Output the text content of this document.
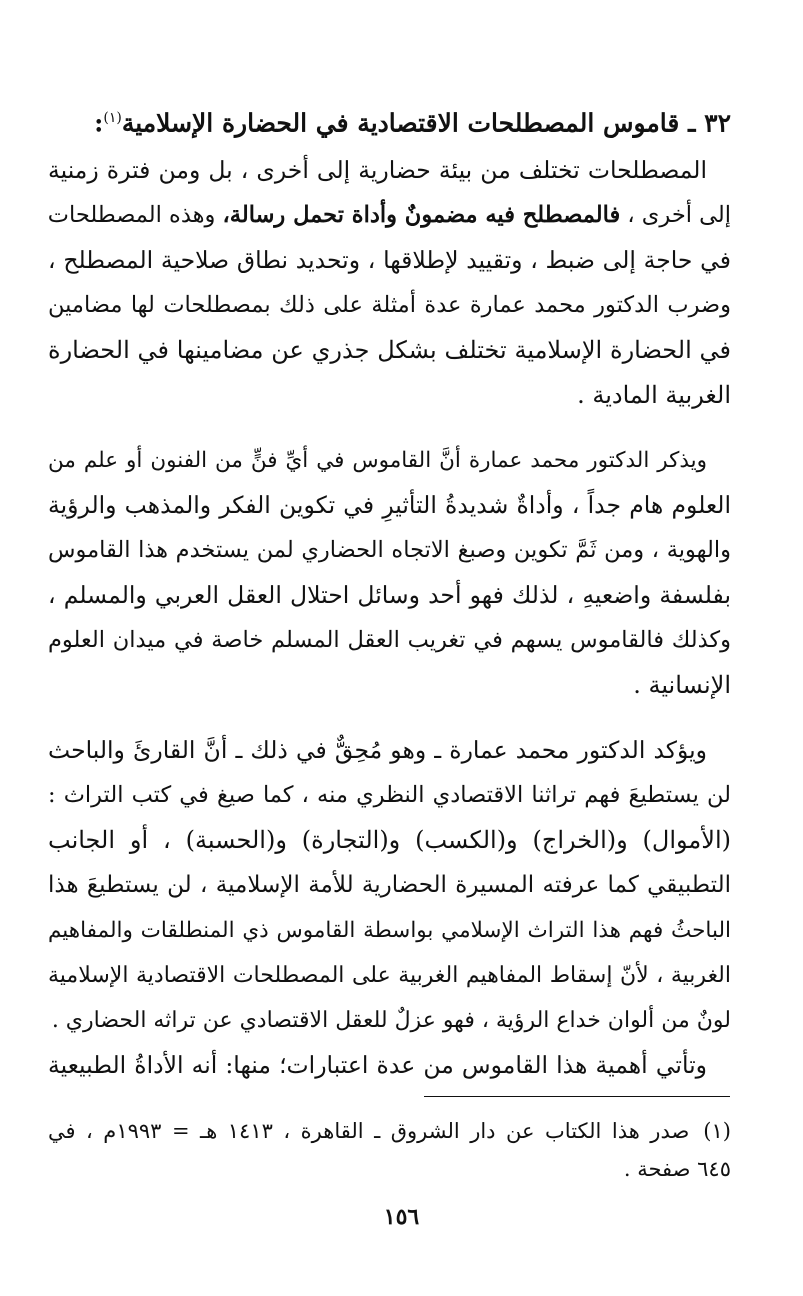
٣٢ ـ قاموس المصطلحات الاقتصادية في الحضارة الإسلامية$^{(١)}$:
المصطلحات تختلف من بيئة حضارية إلى أخرى ، بل ومن فترة زمنية
إلى أخرى ، فالمصطلح فيه مضمونٌ وأداة تحمل رسالة، وهذه المصطلحات
في حاجة إلى ضبط ، وتقييد لإطلاقها ، وتحديد نطاق صلاحية المصطلح ،
وضرب الدكتور محمد عمارة عدة أمثلة على ذلك بمصطلحات لها مضامين
في الحضارة الإسلامية تختلف بشكل جذري عن مضامينها في الحضارة
الغربية المادية .
ويذكر الدكتور محمد عمارة أنَّ القاموس في أيِّ فنٍّ من الفنون أو علم من
العلوم هام جداً ، وأداةٌ شديدةُ التأثيرِ في تكوين الفكر والمذهب والرؤية
والهوية ، ومن ثَمَّ تكوين وصبغ الاتجاه الحضاري لمن يستخدم هذا القاموس
بفلسفة واضعيهِ ، لذلك فهو أحد وسائل احتلال العقل العربي والمسلم ،
وكذلك فالقاموس يسهم في تغريب العقل المسلم خاصة في ميدان العلوم
الإنسانية .
ويؤكد الدكتور محمد عمارة ـ وهو مُحِقٌّ في ذلك ـ أنَّ القارئَ والباحث
لن يستطيعَ فهم تراثنا الاقتصادي النظري منه ، كما صيغ في كتب التراث :
(الأموال) و(الخراج) و(الكسب) و(التجارة) و(الحسبة) ، أو الجانب
التطبيقي كما عرفته المسيرة الحضارية للأمة الإسلامية ، لن يستطيعَ هذا
الباحثُ فهم هذا التراث الإسلامي بواسطة القاموس ذي المنطلقات والمفاهيم
الغربية ، لأنّ إسقاط المفاهيم الغربية على المصطلحات الاقتصادية الإسلامية
لونٌ من ألوان خداع الرؤية ، فهو عزلٌ للعقل الاقتصادي عن تراثه الحضاري .
وتأتي أهمية هذا القاموس من عدة اعتبارات؛ منها: أنه الأداةُ الطبيعية
(١)صدر هذا الكتاب عن دار الشروق ـ القاهرة ، ١٤١٣ هـ = ١٩٩٣م ، في
٦٤٥ صفحة .
١٥٦
